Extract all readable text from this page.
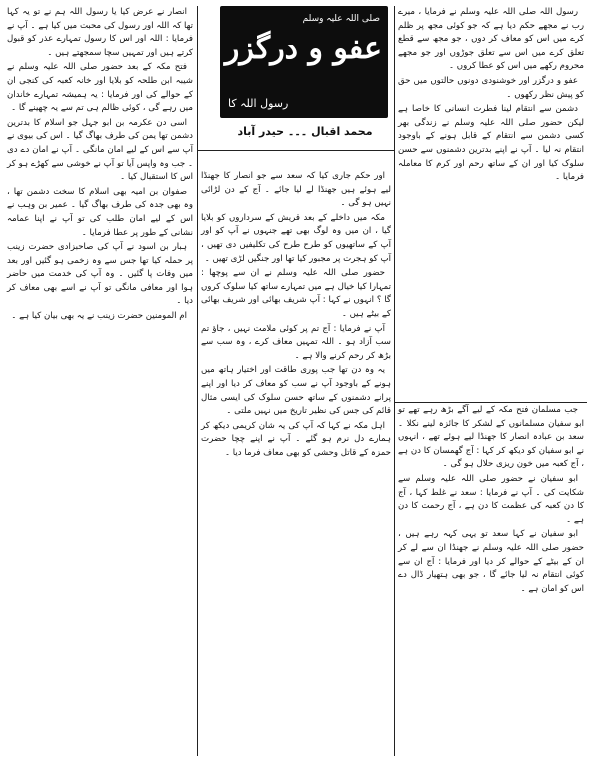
صلی اللہ علیہ وسلم
عفو و درگزر
رسول اللہ کا
محمد اقبال ۔۔۔ حیدر آباد

رسول اللہ صلی اللہ علیہ وسلم نے فرمایا ، میرے رب نے مجھے حکم دیا ہے کہ جو کوئی مجھ پر ظلم کرے میں اس کو معاف کر دوں ، جو مجھ سے قطع تعلق کرے میں اس سے تعلق جوڑوں اور جو مجھے محروم رکھے میں اس کو عطا کروں ۔

عفو و درگزر اور خوشنودی دونوں حالتوں میں حق کو پیش نظر رکھوں ۔

دشمن سے انتقام لینا فطرت انسانی کا خاصا ہے لیکن حضور صلی اللہ علیہ وسلم نے زندگی بھر کسی دشمن سے انتقام کے قابل ہونے کے باوجود انتقام نہ لیا ۔ آپ نے اپنے بدترین دشمنوں سے حسن سلوک کیا اور ان کے ساتھ رحم اور کرم کا معاملہ فرمایا ۔

جب مسلمان فتح مکہ کے لیے آگے بڑھ رہے تھے تو ابو سفیان مسلمانوں کے لشکر کا جائزہ لینے نکلا ۔ سعد بن عبادہ انصار کا جھنڈا لیے ہوئے تھے ، انہوں نے ابو سفیان کو دیکھ کر کہا : آج گھمسان کا دن ہے ، آج کعبہ میں خون ریزی حلال ہو گی ۔

ابو سفیان نے حضور صلی اللہ علیہ وسلم سے شکایت کی ۔ آپ نے فرمایا : سعد نے غلط کہا ، آج کا دن کعبہ کی عظمت کا دن ہے ، آج رحمت کا دن ہے ۔

ابو سفیان نے کہا سعد تو یہی کہہ رہے ہیں ، حضور صلی اللہ علیہ وسلم نے جھنڈا ان سے لے کر ان کے بیٹے کے حوالے کر دیا اور فرمایا : آج ان سے کوئی انتقام نہ لیا جائے گا ، جو بھی ہتھیار ڈال دے اس کو امان ہے ۔

اور حکم جاری کیا کہ سعد سے جو انصار کا جھنڈا لیے ہوئے ہیں جھنڈا لے لیا جائے ۔ آج کے دن لڑائی نہیں ہو گی ۔

مکہ میں داخلے کے بعد قریش کے سرداروں کو بلایا گیا ، ان میں وہ لوگ بھی تھے جنہوں نے آپ کو اور آپ کے ساتھیوں کو طرح طرح کی تکلیفیں دی تھیں ، آپ کو ہجرت پر مجبور کیا تھا اور جنگیں لڑی تھیں ۔

حضور صلی اللہ علیہ وسلم نے ان سے پوچھا : تمہارا کیا خیال ہے میں تمہارے ساتھ کیا سلوک کروں گا ؟ انہوں نے کہا : آپ شریف بھائی اور شریف بھائی کے بیٹے ہیں ۔

آپ نے فرمایا : آج تم پر کوئی ملامت نہیں ، جاؤ تم سب آزاد ہو ۔ اللہ تمہیں معاف کرے ، وہ سب سے بڑھ کر رحم کرنے والا ہے ۔

یہ وہ دن تھا جب پوری طاقت اور اختیار ہاتھ میں ہونے کے باوجود آپ نے سب کو معاف کر دیا اور اپنے پرانے دشمنوں کے ساتھ حسن سلوک کی ایسی مثال قائم کی جس کی نظیر تاریخ میں نہیں ملتی ۔

اہل مکہ نے کہا کہ آپ کی یہ شان کریمی دیکھ کر ہمارے دل نرم ہو گئے ۔ آپ نے اپنے چچا حضرت حمزہ کے قاتل وحشی کو بھی معاف فرما دیا ۔

انصار نے عرض کیا یا رسول اللہ ہم نے تو یہ کہا تھا کہ اللہ اور رسول کی محبت میں کیا ہے ۔ آپ نے فرمایا : اللہ اور اس کا رسول تمہارے عذر کو قبول کرتے ہیں اور تمہیں سچا سمجھتے ہیں ۔

فتح مکہ کے بعد حضور صلی اللہ علیہ وسلم نے شیبہ ابن طلحہ کو بلایا اور خانہ کعبہ کی کنجی ان کے حوالے کی اور فرمایا : یہ ہمیشہ تمہارے خاندان میں رہے گی ، کوئی ظالم ہی تم سے یہ چھینے گا ۔

اسی دن عکرمہ بن ابو جہل جو اسلام کا بدترین دشمن تھا یمن کی طرف بھاگ گیا ۔ اس کی بیوی نے آپ سے اس کے لیے امان مانگی ۔ آپ نے امان دے دی ۔ جب وہ واپس آیا تو آپ نے خوشی سے کھڑے ہو کر اس کا استقبال کیا ۔

صفوان بن امیہ بھی اسلام کا سخت دشمن تھا ، وہ بھی جدہ کی طرف بھاگ گیا ۔ عمیر بن وہب نے اس کے لیے امان طلب کی تو آپ نے اپنا عمامہ نشانی کے طور پر عطا فرمایا ۔

ہبار بن اسود نے آپ کی صاحبزادی حضرت زینب پر حملہ کیا تھا جس سے وہ زخمی ہو گئیں اور بعد میں وفات پا گئیں ۔ وہ آپ کی خدمت میں حاضر ہوا اور معافی مانگی تو آپ نے اسے بھی معاف کر دیا ۔

ام المومنین حضرت زینب نے یہ بھی بیان کیا ہے ۔
